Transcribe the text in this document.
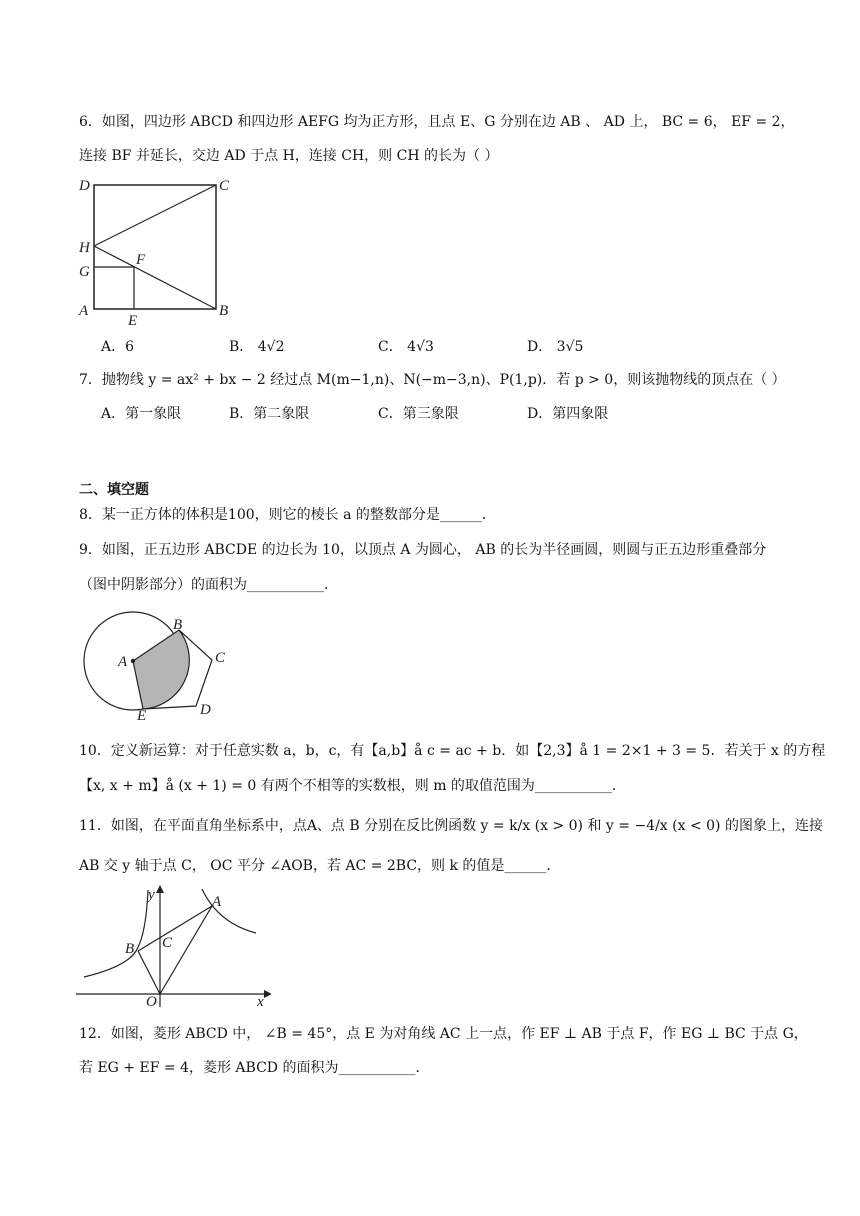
6．如图，四边形 ABCD 和四边形 AEFG 均为正方形，且点 E、G 分别在边 AB 、 AD 上， BC = 6， EF = 2，
连接 BF 并延长，交边 AD 于点 H，连接 CH，则 CH 的长为（ ）
D	C
H
G
F
A
E
B
A．6	B． 4√2	C． 4√3	D． 3√5
7．抛物线 y = ax² + bx − 2 经过点 M(m−1,n)、N(−m−3,n)、P(1,p)．若 p > 0，则该抛物线的顶点在（ ）
A．第一象限	B．第二象限	C．第三象限	D．第四象限
二、填空题
8．某一正方体的体积是100，则它的棱长 a 的整数部分是______．
9．如图，正五边形 ABCDE 的边长为 10，以顶点 A 为圆心， AB 的长为半径画圆，则圆与正五边形重叠部分
（图中阴影部分）的面积为___________．
B
A	C
E	D
10．定义新运算：对于任意实数 a，b，c，有【a,b】å c = ac + b．如【2,3】å 1 = 2×1 + 3 = 5．若关于 x 的方程
【x, x + m】å (x + 1) = 0 有两个不相等的实数根，则 m 的取值范围为___________．
11．如图，在平面直角坐标系中，点A、点 B 分别在反比例函数 y = k/x (x > 0) 和 y = −4/x (x < 0) 的图象上，连接
AB 交 y 轴于点 C， OC 平分 ∠AOB，若 AC = 2BC，则 k 的值是______．
y	A
B C
O	x
12．如图，菱形 ABCD 中， ∠B = 45°，点 E 为对角线 AC 上一点，作 EF ⊥ AB 于点 F，作 EG ⊥ BC 于点 G，
若 EG + EF = 4，菱形 ABCD 的面积为___________．
